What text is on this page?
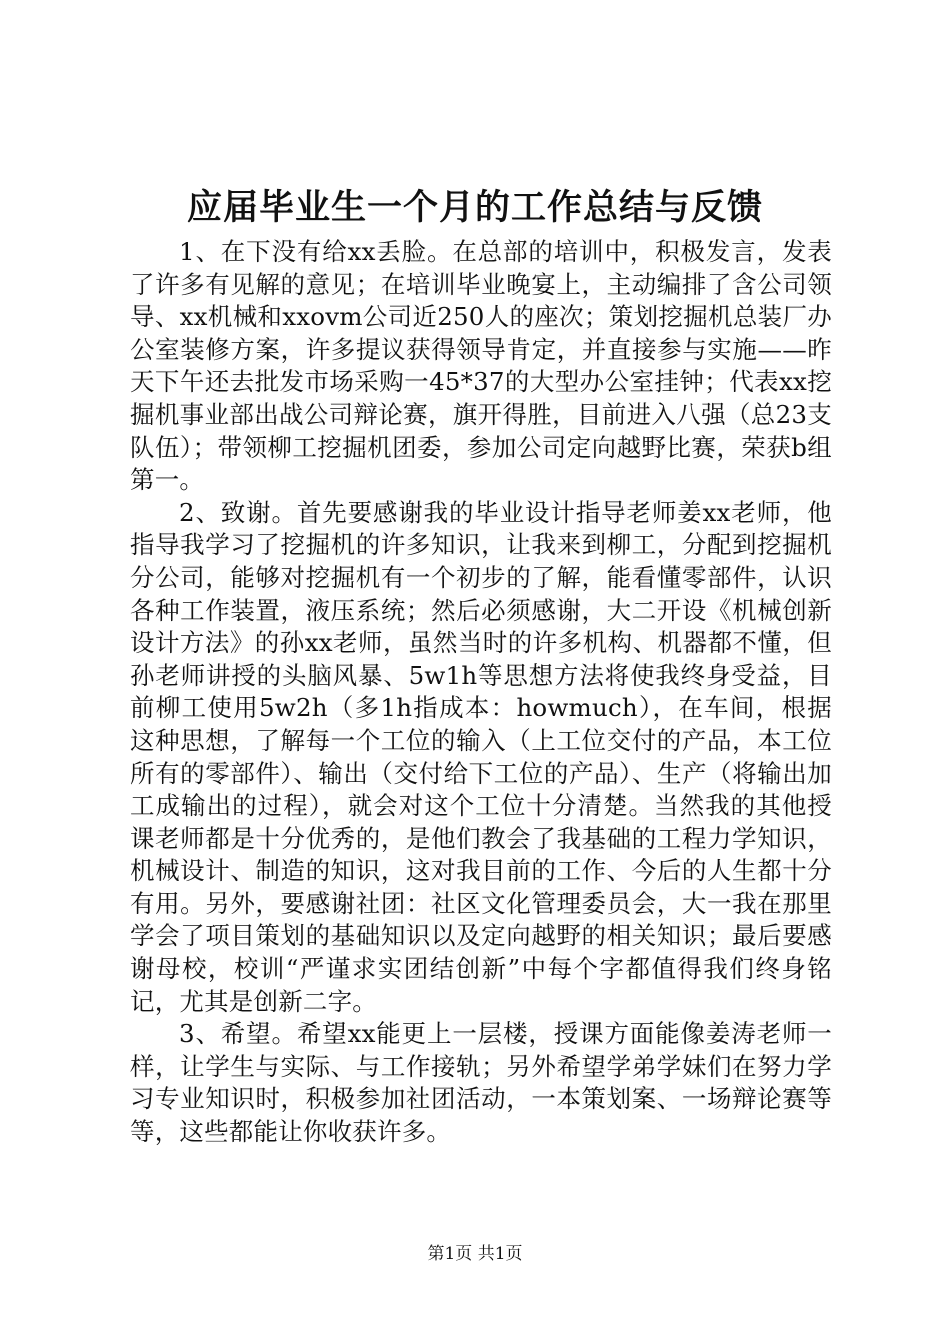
应届毕业生一个月的工作总结与反馈

1、在下没有给xx丢脸。在总部的培训中，积极发言，发表了许多有见解的意见；在培训毕业晚宴上，主动编排了含公司领导、xx机械和xxovm公司近250人的座次；策划挖掘机总装厂办公室装修方案，许多提议获得领导肯定，并直接参与实施——昨天下午还去批发市场采购一45*37的大型办公室挂钟；代表xx挖掘机事业部出战公司辩论赛，旗开得胜，目前进入八强（总23支队伍）；带领柳工挖掘机团委，参加公司定向越野比赛，荣获b组第一。

2、致谢。首先要感谢我的毕业设计指导老师姜xx老师，他指导我学习了挖掘机的许多知识，让我来到柳工，分配到挖掘机分公司，能够对挖掘机有一个初步的了解，能看懂零部件，认识各种工作装置，液压系统；然后必须感谢，大二开设《机械创新设计方法》的孙xx老师，虽然当时的许多机构、机器都不懂，但孙老师讲授的头脑风暴、5w1h等思想方法将使我终身受益，目前柳工使用5w2h（多1h指成本：howmuch），在车间，根据这种思想，了解每一个工位的输入（上工位交付的产品，本工位所有的零部件）、输出（交付给下工位的产品）、生产（将输出加工成输出的过程），就会对这个工位十分清楚。当然我的其他授课老师都是十分优秀的，是他们教会了我基础的工程力学知识，机械设计、制造的知识，这对我目前的工作、今后的人生都十分有用。另外，要感谢社团：社区文化管理委员会，大一我在那里学会了项目策划的基础知识以及定向越野的相关知识；最后要感谢母校，校训“严谨求实团结创新”中每个字都值得我们终身铭记，尤其是创新二字。

3、希望。希望xx能更上一层楼，授课方面能像姜涛老师一样，让学生与实际、与工作接轨；另外希望学弟学妹们在努力学习专业知识时，积极参加社团活动，一本策划案、一场辩论赛等等，这些都能让你收获许多。

第1页 共1页
